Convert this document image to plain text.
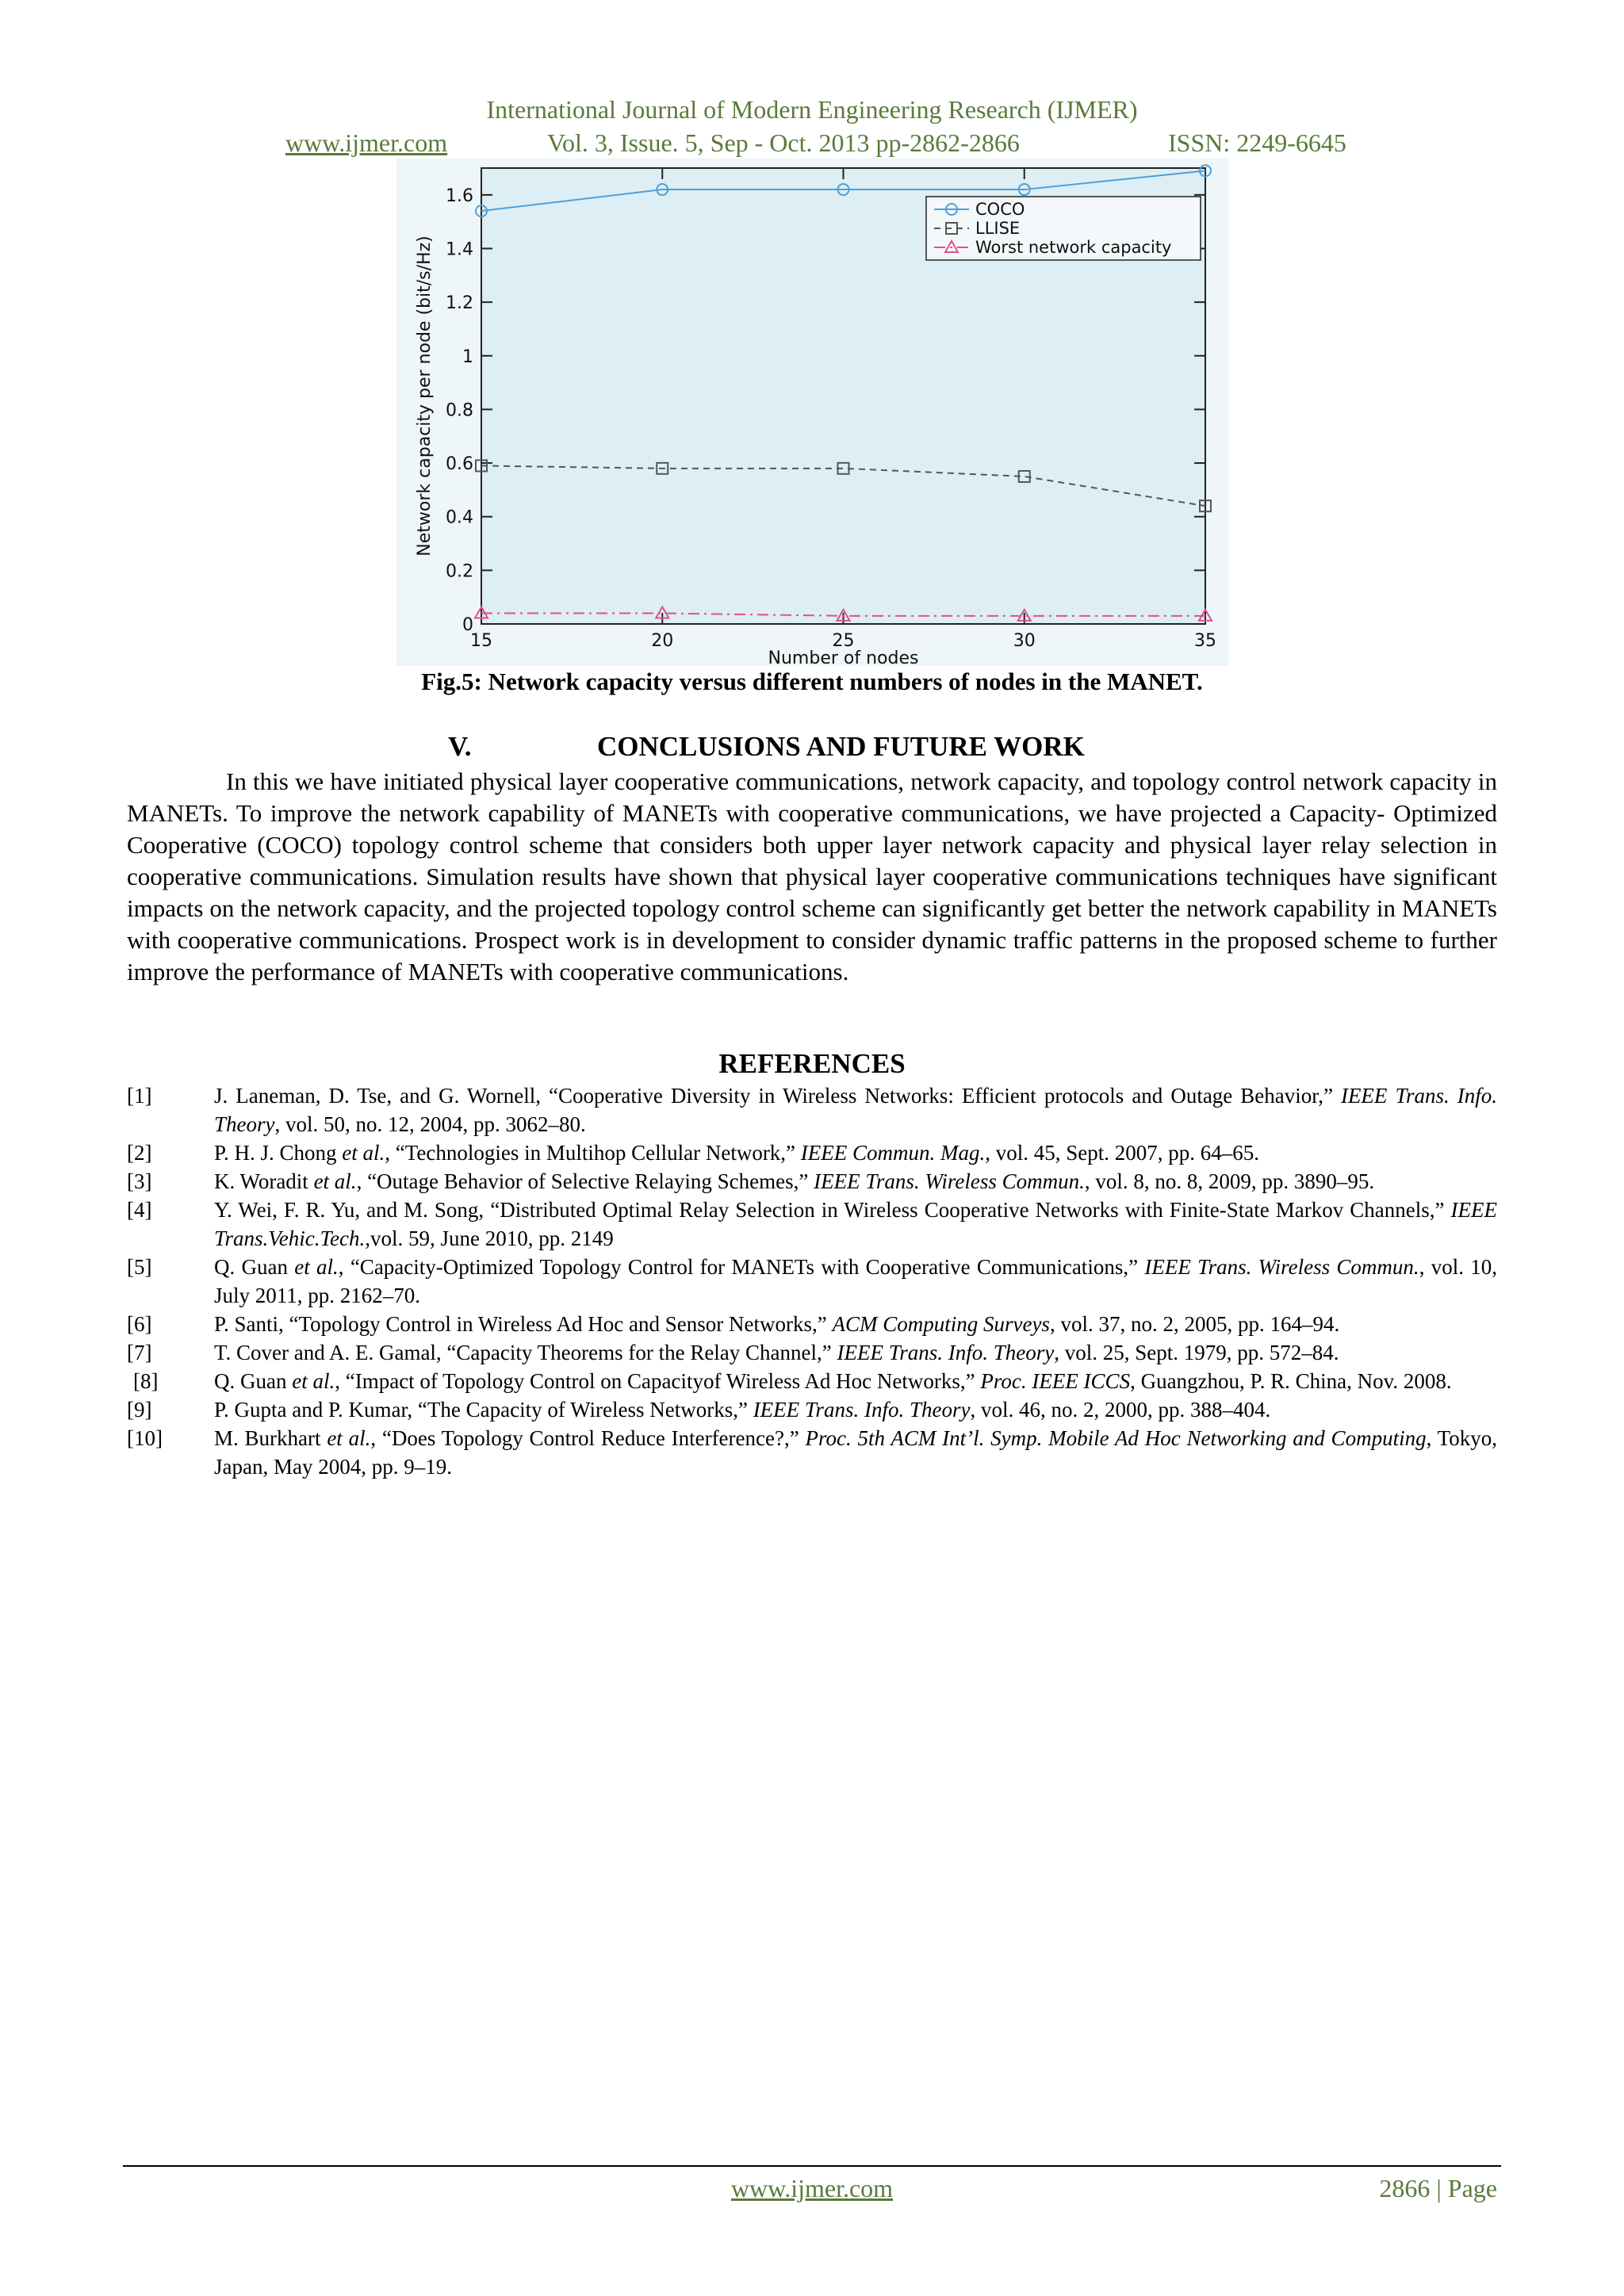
International Journal of Modern Engineering Research (IJMER)
www.ijmer.com	Vol. 3, Issue. 5, Sep - Oct. 2013 pp-2862-2866	ISSN: 2249-6645
0
0.2
0.4
0.6
0.8
1
1.2
1.4
1.6
15	20	25	30	35
Number of nodes
Network capacity per node (bit/s/Hz)
COCO
LLISE
Worst network capacity
Fig.5: Network capacity versus different numbers of nodes in the MANET.
V.	CONCLUSIONS AND FUTURE WORK
In this we have initiated physical layer cooperative communications, network capacity, and topology control network capacity in MANETs. To improve the network capability of MANETs with cooperative communications, we have projected a Capacity- Optimized Cooperative (COCO) topology control scheme that considers both upper layer network capacity and physical layer relay selection in cooperative communications. Simulation results have shown that physical layer cooperative communications techniques have significant impacts on the network capacity, and the projected topology control scheme can significantly get better the network capability in MANETs with cooperative communications. Prospect work is in development to consider dynamic traffic patterns in the proposed scheme to further improve the performance of MANETs with cooperative communications.
REFERENCES
[1]	J. Laneman, D. Tse, and G. Wornell, “Cooperative Diversity in Wireless Networks: Efficient protocols and Outage Behavior,” IEEE Trans. Info. Theory, vol. 50, no. 12, 2004, pp. 3062–80.
[2]	P. H. J. Chong et al., “Technologies in Multihop Cellular Network,” IEEE Commun. Mag., vol. 45, Sept. 2007, pp. 64–65.
[3]	K. Woradit et al., “Outage Behavior of Selective Relaying Schemes,” IEEE Trans. Wireless Commun., vol. 8, no. 8, 2009, pp. 3890–95.
[4]	Y. Wei, F. R. Yu, and M. Song, “Distributed Optimal Relay Selection in Wireless Cooperative Networks with Finite-State Markov Channels,” IEEE Trans.Vehic.Tech.,vol. 59, June 2010, pp. 2149
[5]	Q. Guan et al., “Capacity-Optimized Topology Control for MANETs with Cooperative Communications,” IEEE Trans. Wireless Commun., vol. 10, July 2011, pp. 2162–70.
[6]	P. Santi, “Topology Control in Wireless Ad Hoc and Sensor Networks,” ACM Computing Surveys, vol. 37, no. 2, 2005, pp. 164–94.
[7]	T. Cover and A. E. Gamal, “Capacity Theorems for the Relay Channel,” IEEE Trans. Info. Theory, vol. 25, Sept. 1979, pp. 572–84.
[8]	Q. Guan et al., “Impact of Topology Control on Capacityof Wireless Ad Hoc Networks,” Proc. IEEE ICCS, Guangzhou, P. R. China, Nov. 2008.
[9]	P. Gupta and P. Kumar, “The Capacity of Wireless Networks,” IEEE Trans. Info. Theory, vol. 46, no. 2, 2000, pp. 388–404.
[10]	M. Burkhart et al., “Does Topology Control Reduce Interference?,” Proc. 5th ACM Int’l. Symp. Mobile Ad Hoc Networking and Computing, Tokyo, Japan, May 2004, pp. 9–19.
www.ijmer.com	2866 | Page
